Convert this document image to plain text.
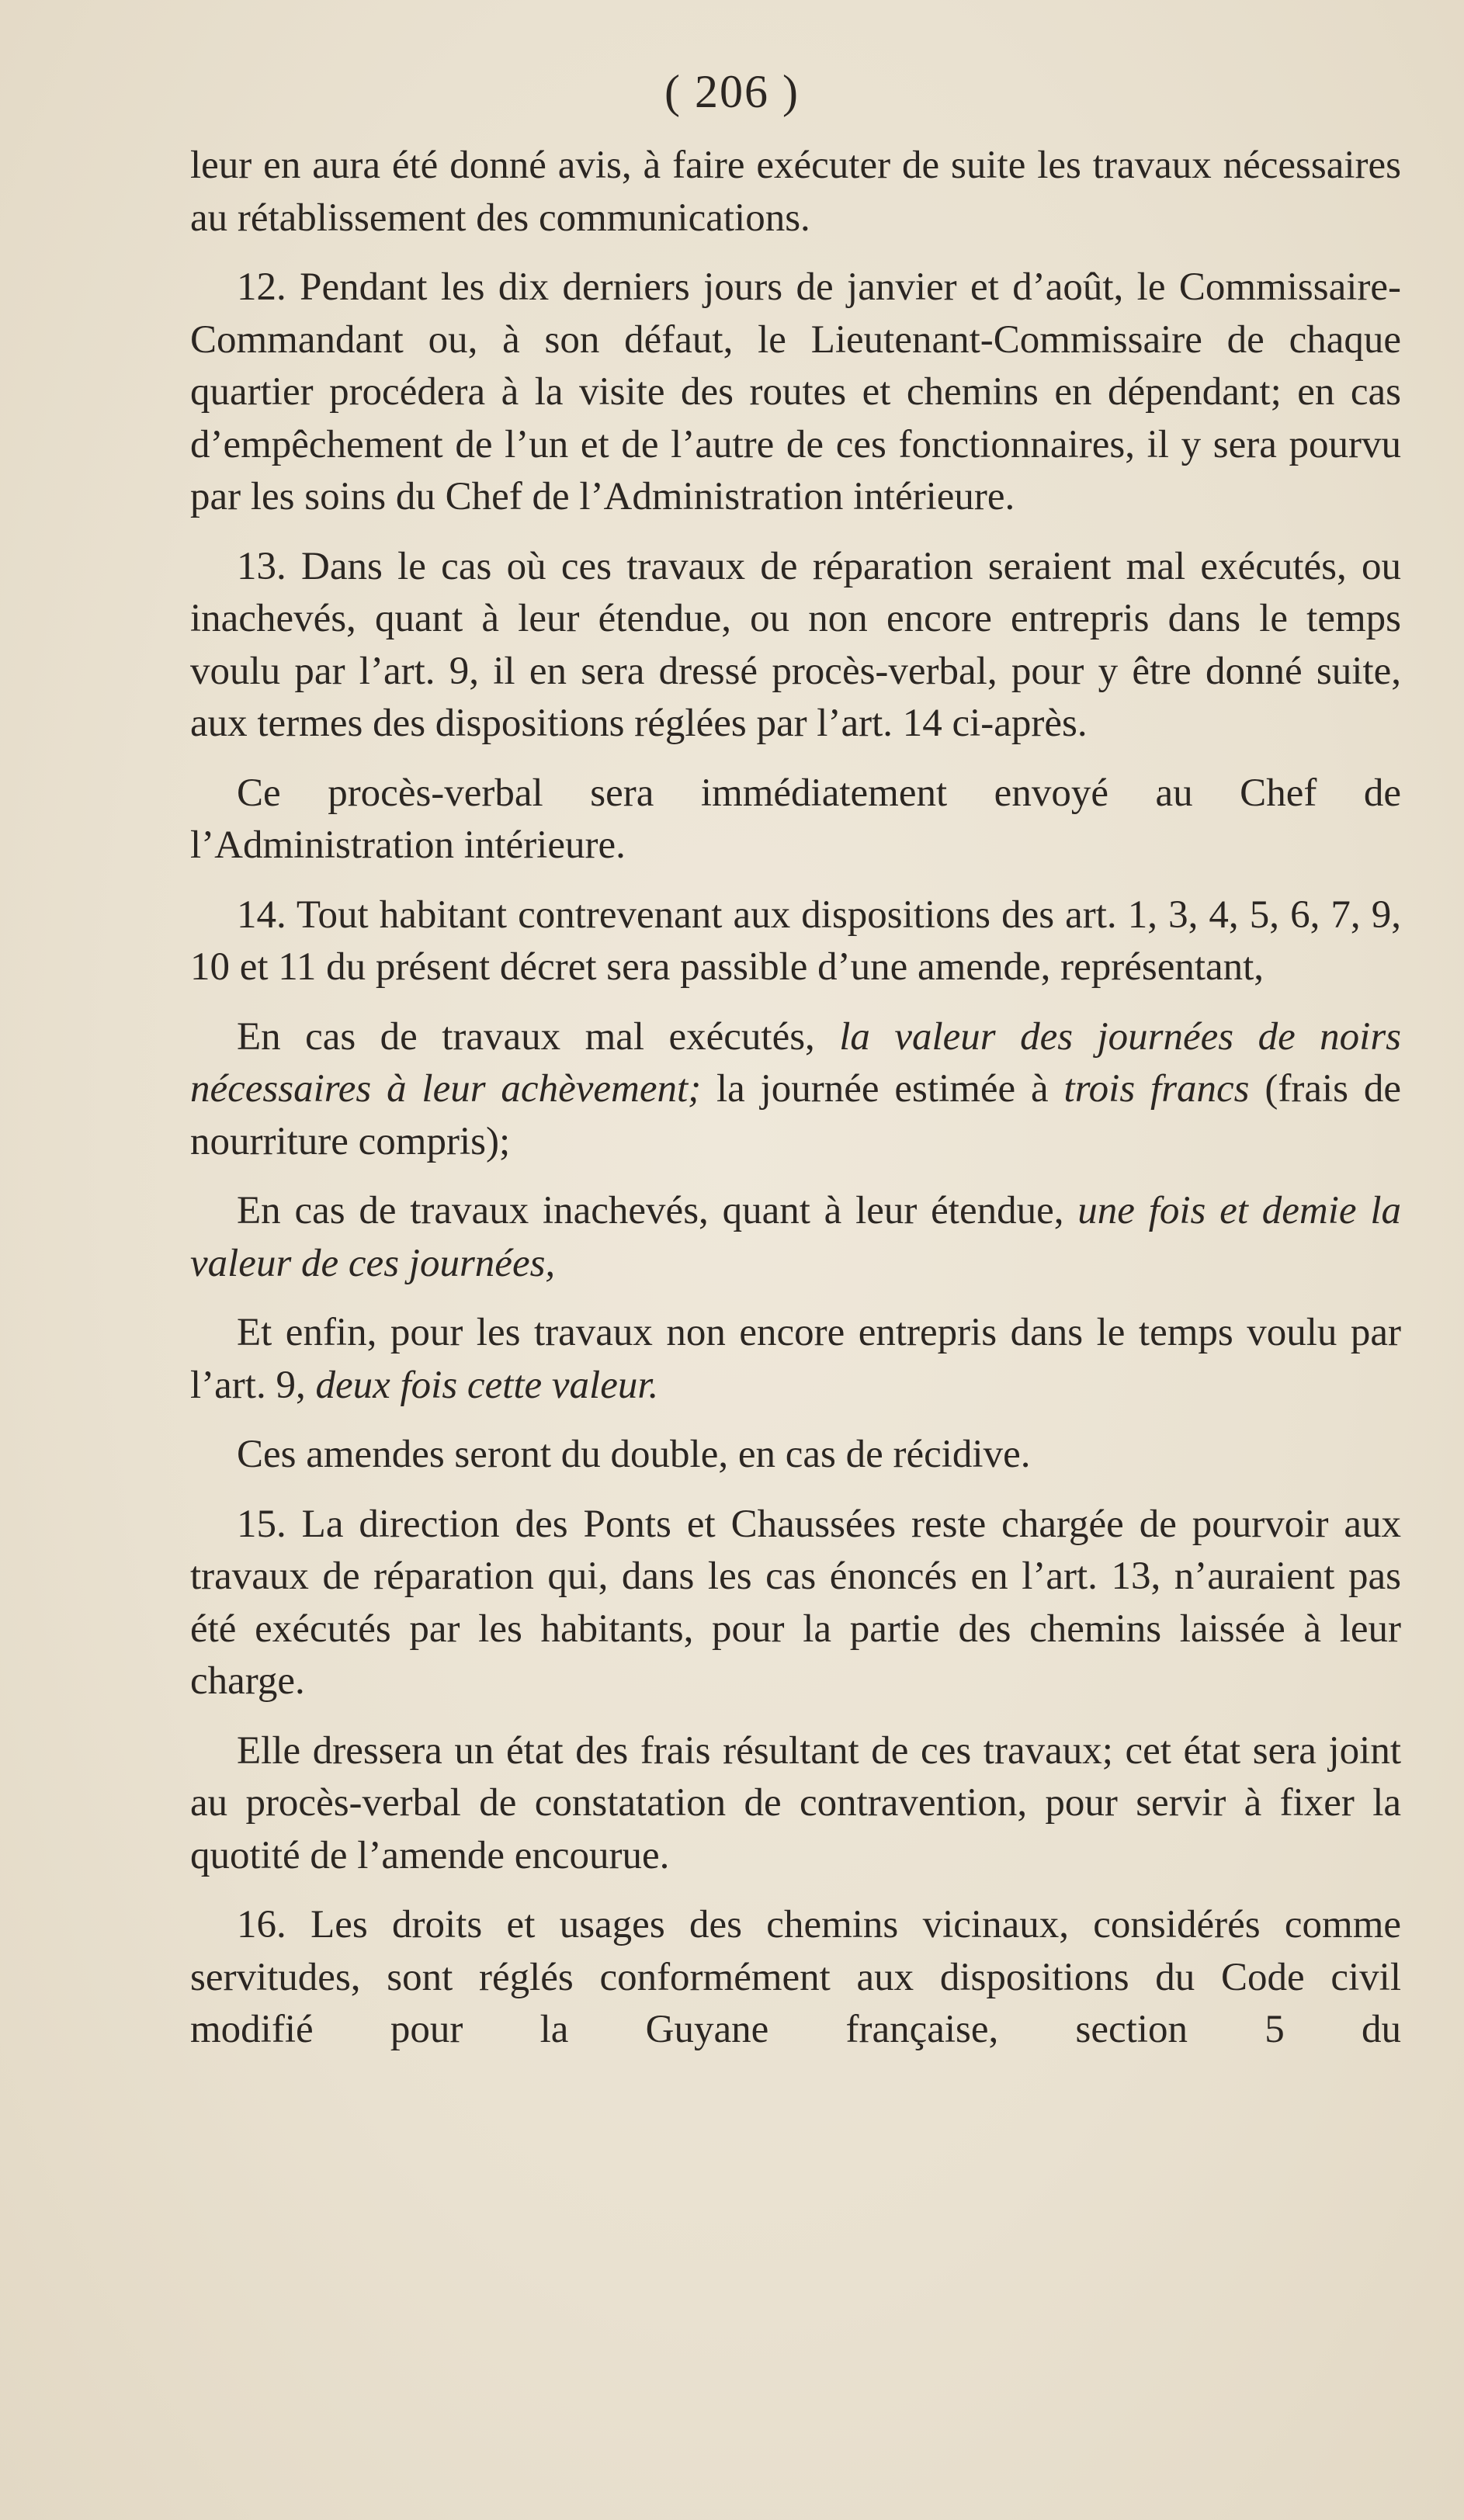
( 206 )

leur en aura été donné avis, à faire exécuter de suite les travaux nécessaires au rétablissement des communications.

12. Pendant les dix derniers jours de janvier et d’août, le Commissaire-Commandant ou, à son défaut, le Lieutenant-Commissaire de chaque quartier procédera à la visite des routes et chemins en dépendant; en cas d’empêchement de l’un et de l’autre de ces fonctionnaires, il y sera pourvu par les soins du Chef de l’Administration intérieure.

13. Dans le cas où ces travaux de réparation seraient mal exécutés, ou inachevés, quant à leur étendue, ou non encore entrepris dans le temps voulu par l’art. 9, il en sera dressé procès-verbal, pour y être donné suite, aux termes des dispositions réglées par l’art. 14 ci-après.

Ce procès-verbal sera immédiatement envoyé au Chef de l’Administration intérieure.

14. Tout habitant contrevenant aux dispositions des art. 1, 3, 4, 5, 6, 7, 9, 10 et 11 du présent décret sera passible d’une amende, représentant,

En cas de travaux mal exécutés, la valeur des journées de noirs nécessaires à leur achèvement; la journée estimée à trois francs (frais de nourriture compris);

En cas de travaux inachevés, quant à leur étendue, une fois et demie la valeur de ces journées,

Et enfin, pour les travaux non encore entrepris dans le temps voulu par l’art. 9, deux fois cette valeur.

Ces amendes seront du double, en cas de récidive.

15. La direction des Ponts et Chaussées reste chargée de pourvoir aux travaux de réparation qui, dans les cas énoncés en l’art. 13, n’auraient pas été exécutés par les habitants, pour la partie des chemins laissée à leur charge.

Elle dressera un état des frais résultant de ces travaux; cet état sera joint au procès-verbal de constatation de contravention, pour servir à fixer la quotité de l’amende encourue.

16. Les droits et usages des chemins vicinaux, considérés comme servitudes, sont réglés conformément aux dispositions du Code civil modifié pour la Guyane française, section 5 du
